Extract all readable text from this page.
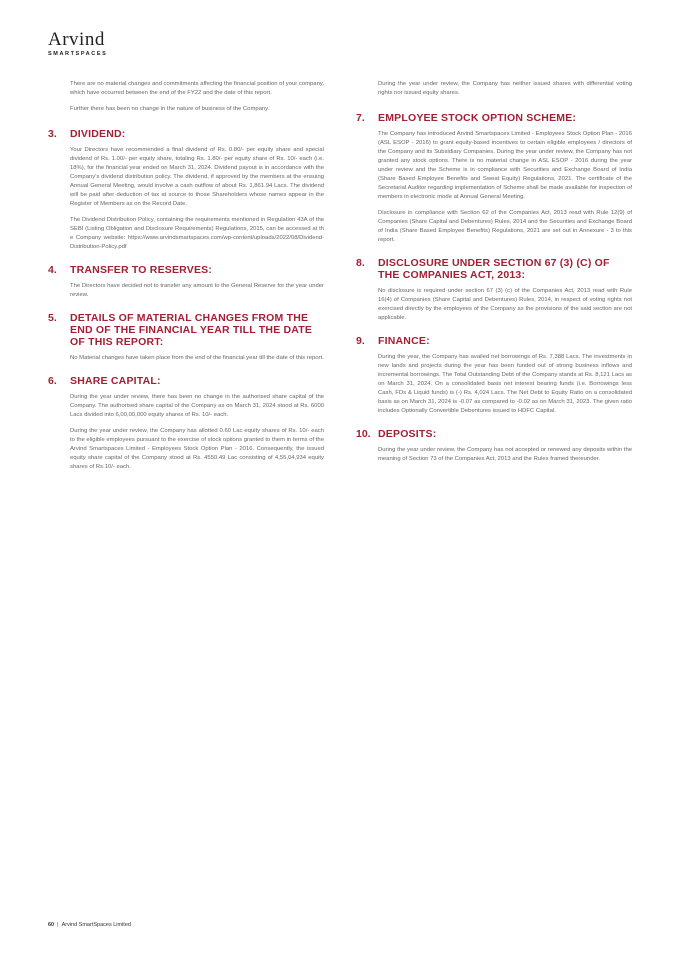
Arvind
SMARTSPACES

There are no material changes and commitments affecting the financial position of your company, which have occurred between the end of the FY22 and the date of this report.

Further there has been no change in the nature of business of the Company.

3.	DIVIDEND:

Your Directors have recommended a final dividend of Rs. 0.80/- per equity share and special dividend of Rs. 1.00/- per equity share, totaling Rs. 1.80/- per equity share of Rs. 10/- each (i.e. 18%), for the financial year ended on March 31, 2024. Dividend payout is in accordance with the Company's dividend distribution policy. The dividend, if approved by the members at the ensuing Annual General Meeting, would involve a cash outflow of about Rs. 1,861.94 Lacs. The dividend will be paid after deduction of tax at source to those Shareholders whose names appear in the Register of Members as on the Record Date.

The Dividend Distribution Policy, containing the requirements mentioned in Regulation 43A of the SEBI (Listing Obligation and Disclosure Requirements) Regulations, 2015, can be accessed at the Company website: https://www.arvindsmartspaces.com/wp-content/uploads/2022/08/Dividend-Distribution-Policy.pdf

4.	TRANSFER TO RESERVES:

The Directors have decided not to transfer any amount to the General Reserve for the year under review.

5.	DETAILS OF MATERIAL CHANGES FROM THE END OF THE FINANCIAL YEAR TILL THE DATE OF THIS REPORT:

No Material changes have taken place from the end of the financial year till the date of this report.

6.	SHARE CAPITAL:

During the year under review, there has been no change in the authorised share capital of the Company. The authorised share capital of the Company as on March 31, 2024 stood at Rs. 6000 Lacs divided into 6,00,00,000 equity shares of Rs. 10/- each.

During the year under review, the Company has allotted 0.60 Lac equity shares of Rs. 10/- each to the eligible employees pursuant to the exercise of stock options granted to them in terms of the Arvind Smartspaces Limited - Employees Stock Option Plan - 2016. Consequently, the issued equity share capital of the Company stood at Rs. 4550.49 Lac consisting of 4,55,04,934 equity shares of Rs.10/- each.

During the year under review, the Company has neither issued shares with differential voting rights nor issued equity shares.

7.	EMPLOYEE STOCK OPTION SCHEME:

The Company has introduced Arvind Smartspaces Limited - Employees Stock Option Plan - 2016 (ASL ESOP - 2016) to grant equity-based incentives to certain eligible employees / directors of the Company and its Subsidiary Companies. During the year under review, the Company has not granted any stock options. There is no material change in ASL ESOP - 2016 during the year under review and the Scheme is in compliance with Securities and Exchange Board of India (Share Based Employee Benefits and Sweat Equity) Regulations, 2021. The certificate of the Secretarial Auditor regarding implementation of Scheme shall be made available for inspection of members in electronic mode at Annual General Meeting.

Disclosure in compliance with Section 62 of the Companies Act, 2013 read with Rule 12(9) of Companies (Share Capital and Debentures) Rules, 2014 and the Securities and Exchange Board of India (Share Based Employee Benefits) Regulations, 2021 are set out in Annexure - 3 to this report.

8.	DISCLOSURE UNDER SECTION 67 (3) (C) OF THE COMPANIES ACT, 2013:

No disclosure is required under section 67 (3) (c) of the Companies Act, 2013 read with Rule 16(4) of Companies (Share Capital and Debentures) Rules, 2014, in respect of voting rights not exercised directly by the employees of the Company as the provisions of the said section are not applicable.

9.	FINANCE:

During the year, the Company has availed net borrowings of Rs. 7,388 Lacs. The investments in new lands and projects during the year has been funded out of strong business inflows and incremental borrowings. The Total Outstanding Debt of the Company stands at Rs. 8,121 Lacs as on March 31, 2024. On a consolidated basis net interest bearing funds (i.e. Borrowings less Cash, FDs & Liquid funds) is (-) Rs. 4,024 Lacs. The Net Debt to Equity Ratio on a consolidated basis as on March 31, 2024 is -0.07 as compared to -0.02 as on March 31, 2023. The given ratio includes Optionally Convertible Debentures issued to HDFC Capital.

10. DEPOSITS:

During the year under review, the Company has not accepted or renewed any deposits within the meaning of Section 73 of the Companies Act, 2013 and the Rules framed thereunder.

60 | Arvind SmartSpaces Limited
